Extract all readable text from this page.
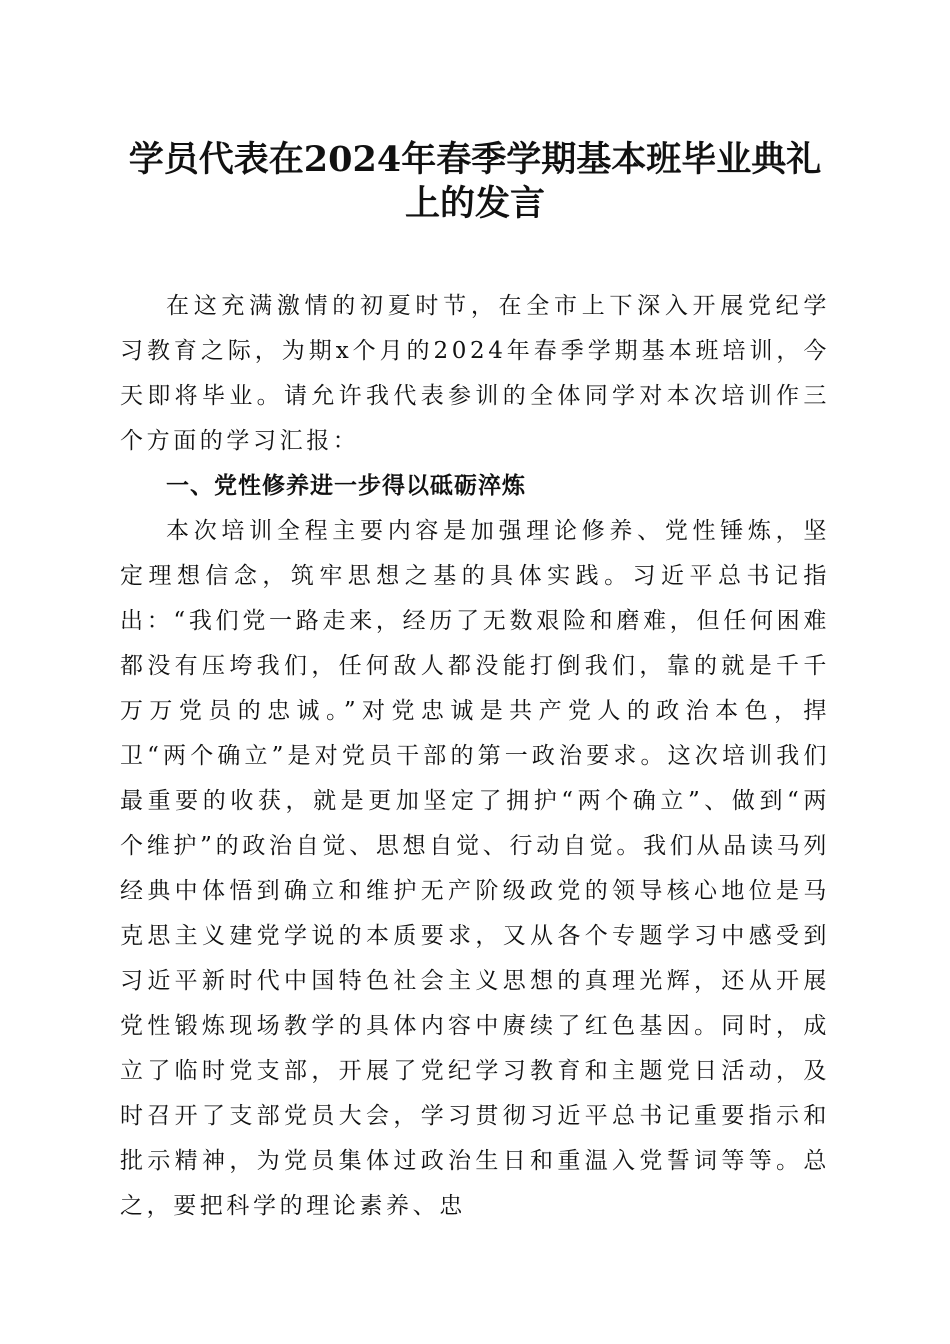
学员代表在2024年春季学期基本班毕业典礼
上的发言

在这充满激情的初夏时节，在全市上下深入开展党纪学习教育之际，为期x个月的2024年春季学期基本班培训，今天即将毕业。请允许我代表参训的全体同学对本次培训作三个方面的学习汇报：

一、党性修养进一步得以砥砺淬炼

本次培训全程主要内容是加强理论修养、党性锤炼，坚定理想信念，筑牢思想之基的具体实践。习近平总书记指出：“我们党一路走来，经历了无数艰险和磨难，但任何困难都没有压垮我们，任何敌人都没能打倒我们，靠的就是千千万万党员的忠诚。”对党忠诚是共产党人的政治本色，捍卫“两个确立”是对党员干部的第一政治要求。这次培训我们最重要的收获，就是更加坚定了拥护“两个确立”、做到“两个维护”的政治自觉、思想自觉、行动自觉。我们从品读马列经典中体悟到确立和维护无产阶级政党的领导核心地位是马克思主义建党学说的本质要求，又从各个专题学习中感受到习近平新时代中国特色社会主义思想的真理光辉，还从开展党性锻炼现场教学的具体内容中赓续了红色基因。同时，成立了临时党支部，开展了党纪学习教育和主题党日活动，及时召开了支部党员大会，学习贯彻习近平总书记重要指示和批示精神，为党员集体过政治生日和重温入党誓词等等。总之，要把科学的理论素养、忠
